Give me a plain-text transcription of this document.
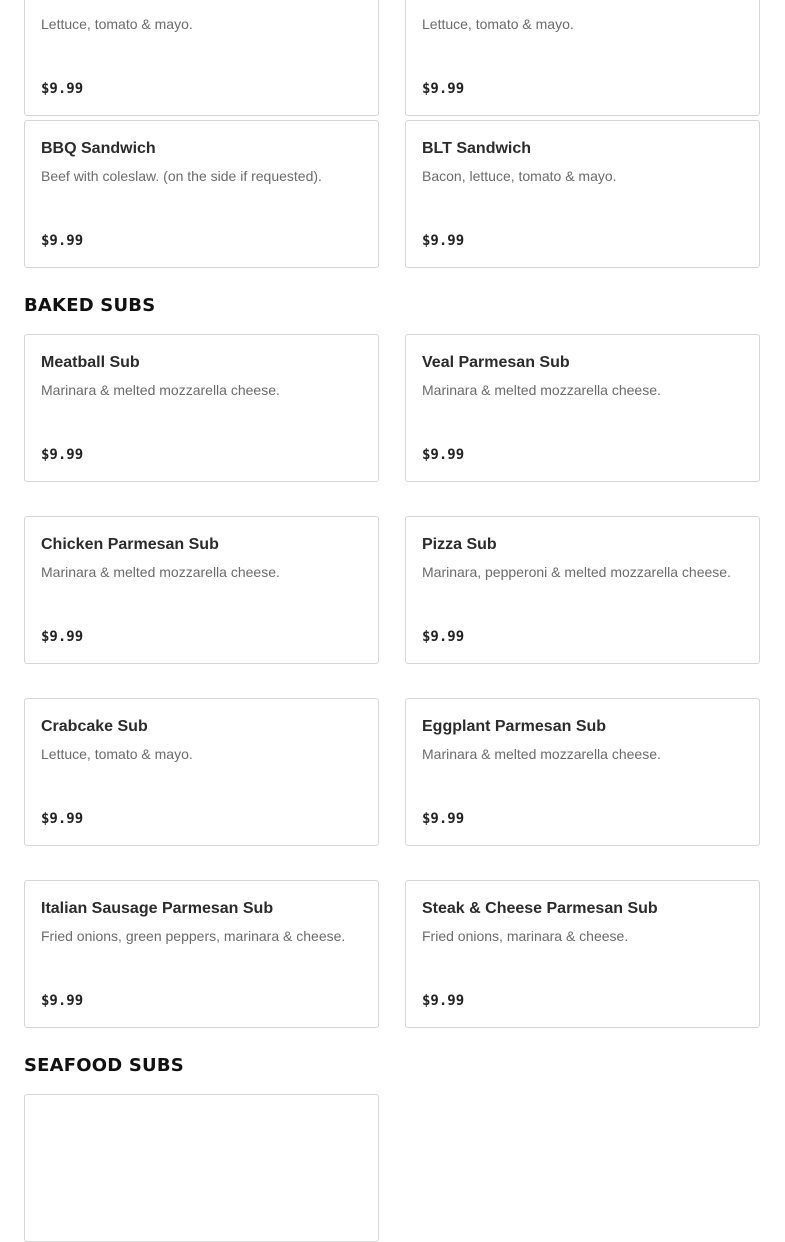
Lettuce, tomato & mayo.
$9.99
Lettuce, tomato & mayo.
$9.99
BBQ Sandwich
Beef with coleslaw. (on the side if requested).
$9.99
BLT Sandwich
Bacon, lettuce, tomato & mayo.
$9.99
BAKED SUBS
Meatball Sub
Marinara & melted mozzarella cheese.
$9.99
Veal Parmesan Sub
Marinara & melted mozzarella cheese.
$9.99
Chicken Parmesan Sub
Marinara & melted mozzarella cheese.
$9.99
Pizza Sub
Marinara, pepperoni & melted mozzarella cheese.
$9.99
Crabcake Sub
Lettuce, tomato & mayo.
$9.99
Eggplant Parmesan Sub
Marinara & melted mozzarella cheese.
$9.99
Italian Sausage Parmesan Sub
Fried onions, green peppers, marinara & cheese.
$9.99
Steak & Cheese Parmesan Sub
Fried onions, marinara & cheese.
$9.99
SEAFOOD SUBS
